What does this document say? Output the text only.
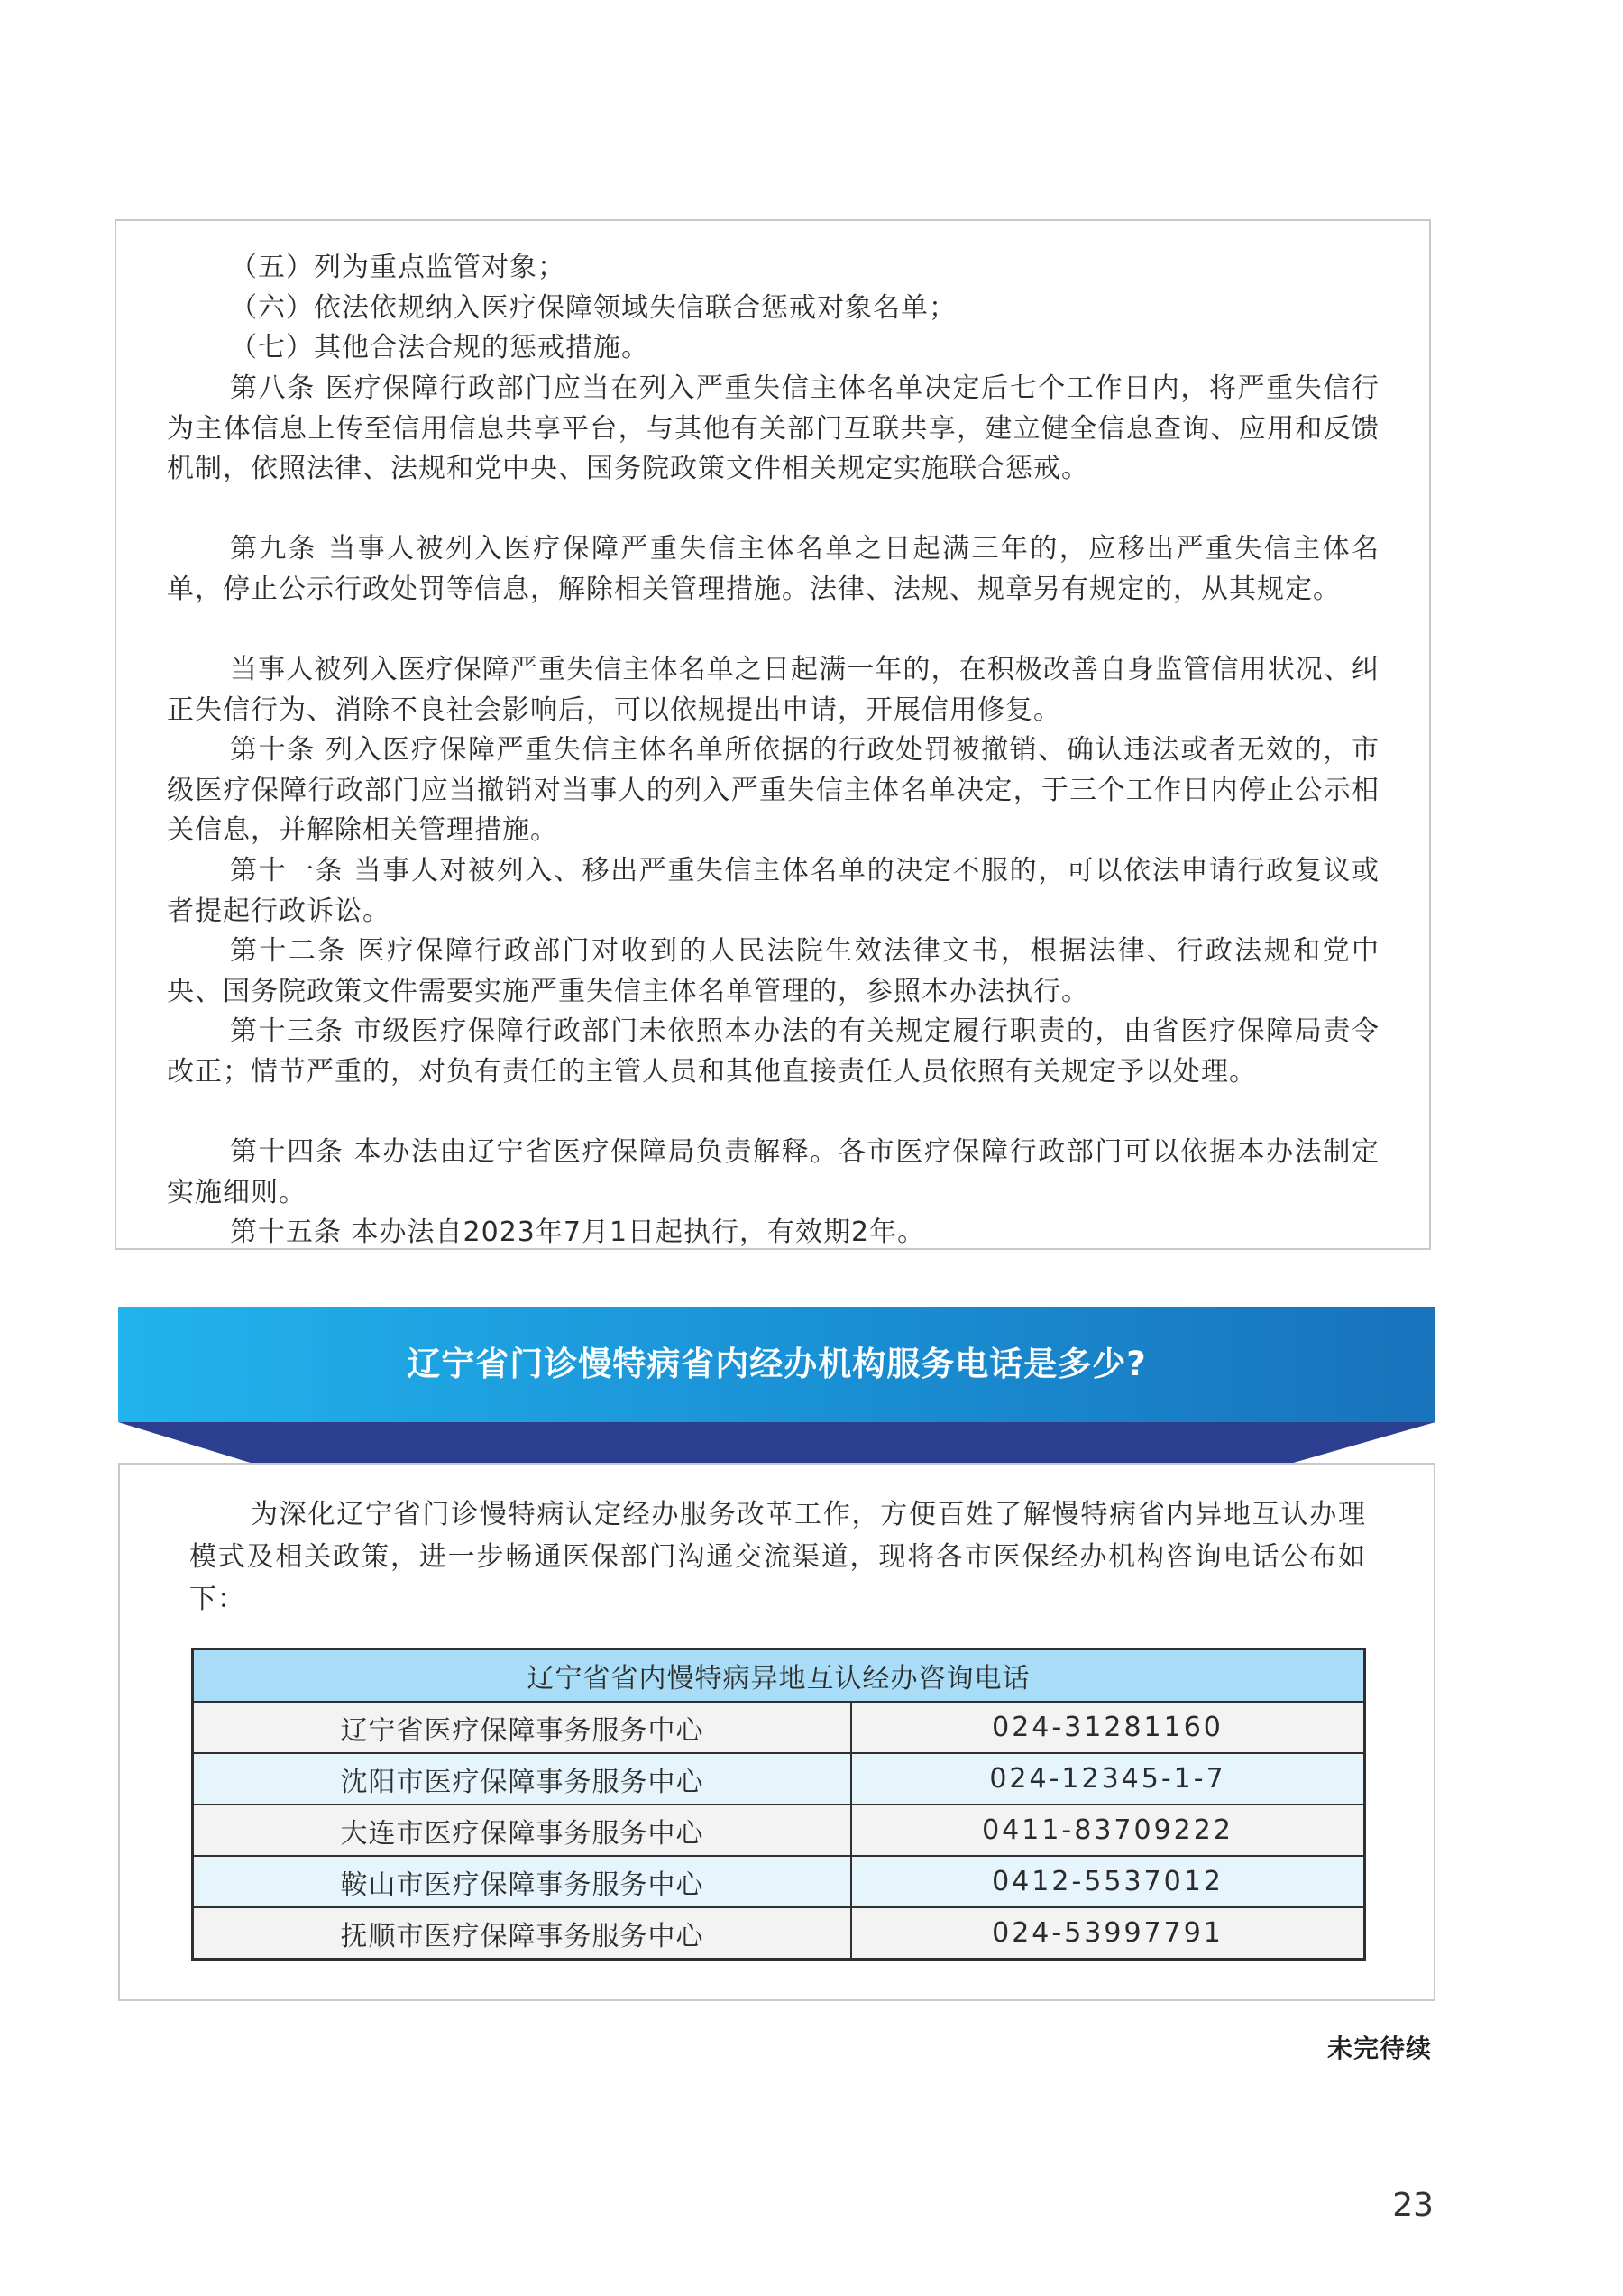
（五）列为重点监管对象；

（六）依法依规纳入医疗保障领域失信联合惩戒对象名单；

（七）其他合法合规的惩戒措施。

第八条 医疗保障行政部门应当在列入严重失信主体名单决定后七个工作日内，将严重失信行为主体信息上传至信用信息共享平台，与其他有关部门互联共享，建立健全信息查询、应用和反馈机制，依照法律、法规和党中央、国务院政策文件相关规定实施联合惩戒。

第九条 当事人被列入医疗保障严重失信主体名单之日起满三年的，应移出严重失信主体名单，停止公示行政处罚等信息，解除相关管理措施。法律、法规、规章另有规定的，从其规定。

当事人被列入医疗保障严重失信主体名单之日起满一年的，在积极改善自身监管信用状况、纠正失信行为、消除不良社会影响后，可以依规提出申请，开展信用修复。

第十条 列入医疗保障严重失信主体名单所依据的行政处罚被撤销、确认违法或者无效的，市级医疗保障行政部门应当撤销对当事人的列入严重失信主体名单决定，于三个工作日内停止公示相关信息，并解除相关管理措施。

第十一条 当事人对被列入、移出严重失信主体名单的决定不服的，可以依法申请行政复议或者提起行政诉讼。

第十二条 医疗保障行政部门对收到的人民法院生效法律文书，根据法律、行政法规和党中央、国务院政策文件需要实施严重失信主体名单管理的，参照本办法执行。

第十三条 市级医疗保障行政部门未依照本办法的有关规定履行职责的，由省医疗保障局责令改正；情节严重的，对负有责任的主管人员和其他直接责任人员依照有关规定予以处理。

第十四条 本办法由辽宁省医疗保障局负责解释。各市医疗保障行政部门可以依据本办法制定实施细则。

第十五条 本办法自2023年7月1日起执行，有效期2年。

辽宁省门诊慢特病省内经办机构服务电话是多少?

为深化辽宁省门诊慢特病认定经办服务改革工作，方便百姓了解慢特病省内异地互认办理模式及相关政策，进一步畅通医保部门沟通交流渠道，现将各市医保经办机构咨询电话公布如下：

辽宁省省内慢特病异地互认经办咨询电话	
辽宁省医疗保障事务服务中心	024-31281160
沈阳市医疗保障事务服务中心	024-12345-1-7
大连市医疗保障事务服务中心	0411-83709222
鞍山市医疗保障事务服务中心	0412-5537012
抚顺市医疗保障事务服务中心	024-53997791
未完待续
23
